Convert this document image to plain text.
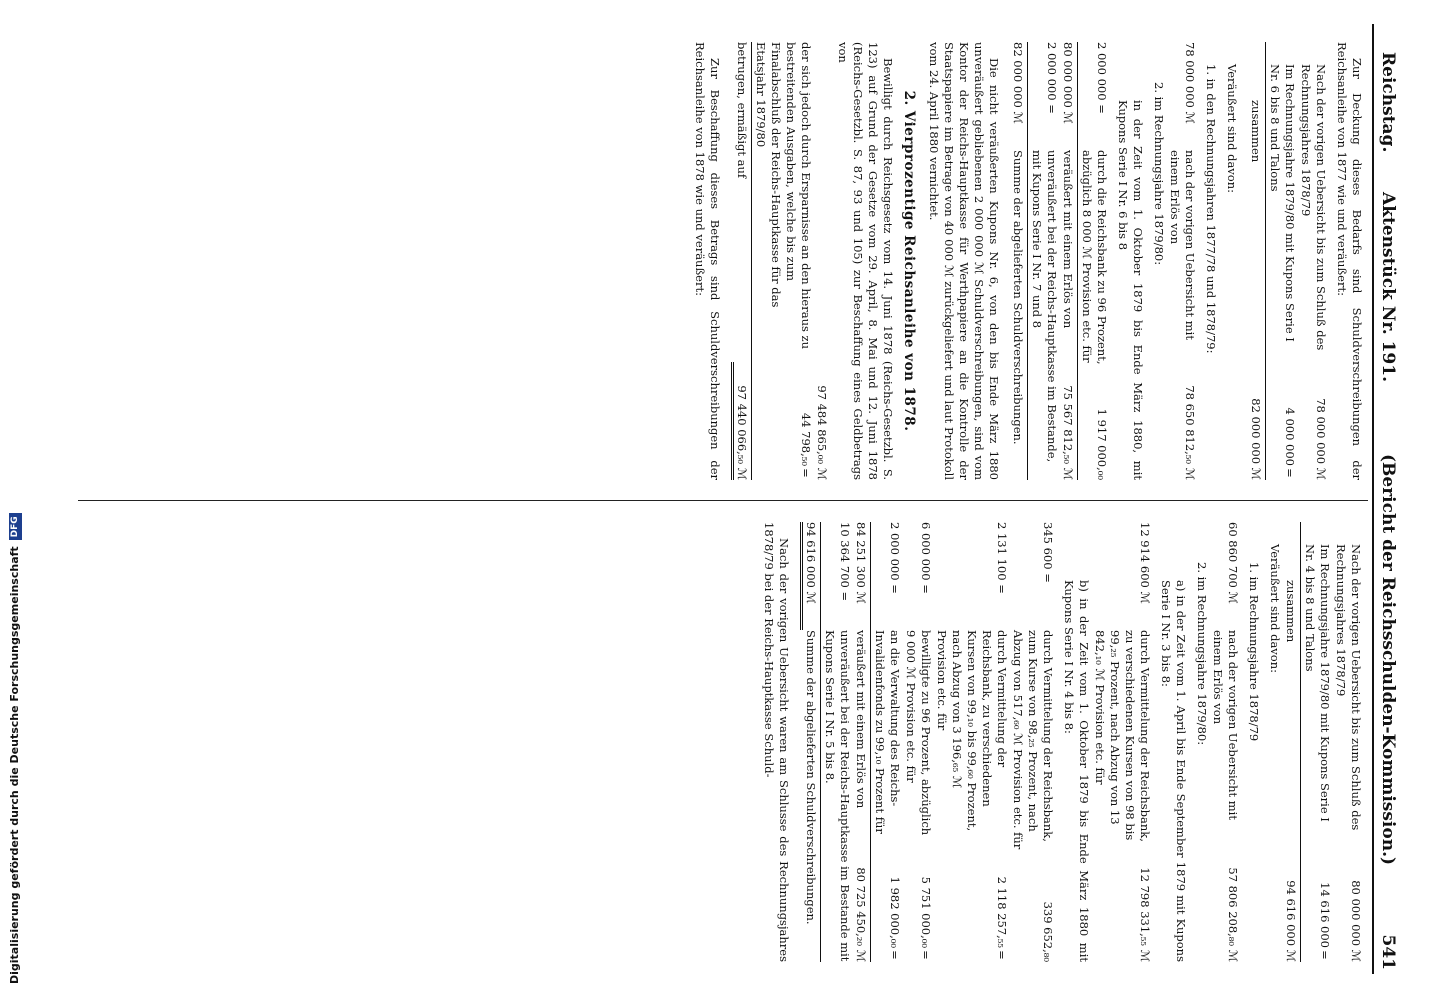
Reichstag.
Aktenstück Nr. 191.
(Bericht der Reichsschulden-Kommission.)
541

Zur Deckung dieses Bedarfs sind Schuldverschreibungen der Reichsanleihe von 1877 wie und veräußert:

Nach der vorigen Uebersicht bis zum Schluß des Rechnungsjahres 1878/79
78 000 000 ℳ
Im Rechnungsjahre 1879/80 mit Kupons Serie I Nr. 6 bis 8 und Talons
4 000 000
=
zusammen
82 000 000 ℳ

Veräußert sind davon:

1. in den Rechnungsjahren 1877/78 und 1878/79:

78 000 000 ℳ
nach der vorigen Uebersicht mit einem Erlös von
78 650 812,₅₀ ℳ

2. im Rechnungsjahre 1879/80:

in der Zeit vom 1. Oktober 1879 bis Ende März 1880, mit Kupons Serie I Nr. 6 bis 8

2 000 000 =
durch die Reichsbank zu 96 Prozent, abzüglich 8 000 ℳ Provision etc. für
1 917 000,₀₀
80 000 000 ℳ
veräußert mit einem Erlös von
75 567 812,₅₀ ℳ
2 000 000 =
unveräußert bei der Reichs-Hauptkasse im Bestande, mit Kupons Serie I Nr. 7 und 8
82 000 000 ℳ
Summe der abgelieferten Schuldverschreibungen.

Die nicht veräußerten Kupons Nr. 6, von den bis Ende März 1880 unveräußert gebliebenen 2 000 000 ℳ Schuldverschreibungen, sind vom Kontor der Reichs-Hauptkasse für Werthpapiere an die Kontrolle der Staatspapiere im Betrage von 40 000 ℳ zurückgeliefert und laut Protokoll vom 24. April 1880 vernichtet.

2. Vierprozentige Reichsanleihe von 1878.

Bewilligt durch Reichsgesetz vom 14. Juni 1878 (Reichs-Gesetzbl. S. 123) auf Grund der Gesetze vom 29. April, 8. Mai und 12. Juni 1878 (Reichs-Gesetzbl. S. 87, 93 und 105) zur Beschaffung eines Geldbetrags von

97 484 865,₀₀ ℳ
der sich jedoch durch Ersparnisse an den hieraus zu bestreitenden Ausgaben, welche bis zum Finalabschluß der Reichs-Hauptkasse für das Etatsjahr 1879/80
44 798,₅₀
=
betrugen, ermäßigt auf
97 440 066,₅₀ ℳ

Zur Beschaffung dieses Betrags sind Schuldverschreibungen der Reichsanleihe von 1878 wie und veräußert:

Nach der vorigen Uebersicht bis zum Schluß des Rechnungsjahres 1878/79
80 000 000 ℳ
Im Rechnungsjahre 1879/80 mit Kupons Serie I Nr. 4 bis 8 und Talons
14 616 000
=
zusammen
94 616 000 ℳ

Veräußert sind davon:

1. im Rechnungsjahre 1878/79

60 860 700 ℳ
nach der vorigen Uebersicht mit einem Erlös von
57 806 208,₈₀ ℳ

2. im Rechnungsjahre 1879/80:

a) in der Zeit vom 1. April bis Ende September 1879 mit Kupons Serie I Nr. 3 bis 8:

12 914 600 ℳ
durch Vermittelung der Reichsbank, zu verschiedenen Kursen von 98 bis 99,₂₅ Prozent, nach Abzug von 13 842,₁₀ ℳ Provision etc. für
12 798 331,₅₅ ℳ

b) in der Zeit vom 1. Oktober 1879 bis Ende März 1880 mit Kupons Serie I Nr. 4 bis 8:

345 600 =
durch Vermittelung der Reichsbank, zum Kurse von 98,₂₅ Prozent, nach Abzug von 517,₆₀ ℳ Provision etc. für
339 652,₈₀
2 131 100 =
durch Vermittelung der Reichsbank, zu verschiedenen Kursen von 99,₁₀ bis 99,₆₀ Prozent, nach Abzug von 3 196,₆₅ ℳ Provision etc. für
2 118 257,₅₅
=
6 000 000 =
bewilligte zu 96 Prozent, abzüglich 9 000 ℳ Provision etc. für
5 751 000,₀₀
=
2 000 000 =
an die Verwaltung des Reichs-Invalidenfonds zu 99,₁₀ Prozent für
1 982 000,₀₀
=
84 251 300 ℳ
veräußert mit einem Erlös von
80 725 450,₂₀ ℳ
10 364 700 =
unveräußert bei der Reichs-Hauptkasse im Bestande mit Kupons Serie I Nr. 5 bis 8.
94 616 000 ℳ
Summe der abgelieferten Schuldverschreibungen.

Nach der vorigen Uebersicht waren am Schlusse des Rechnungsjahres 1878/79 bei der Reichs-Hauptkasse Schuld-

Digitalisierung gefördert durch die Deutsche ForschungsgemeinschaftDFG
